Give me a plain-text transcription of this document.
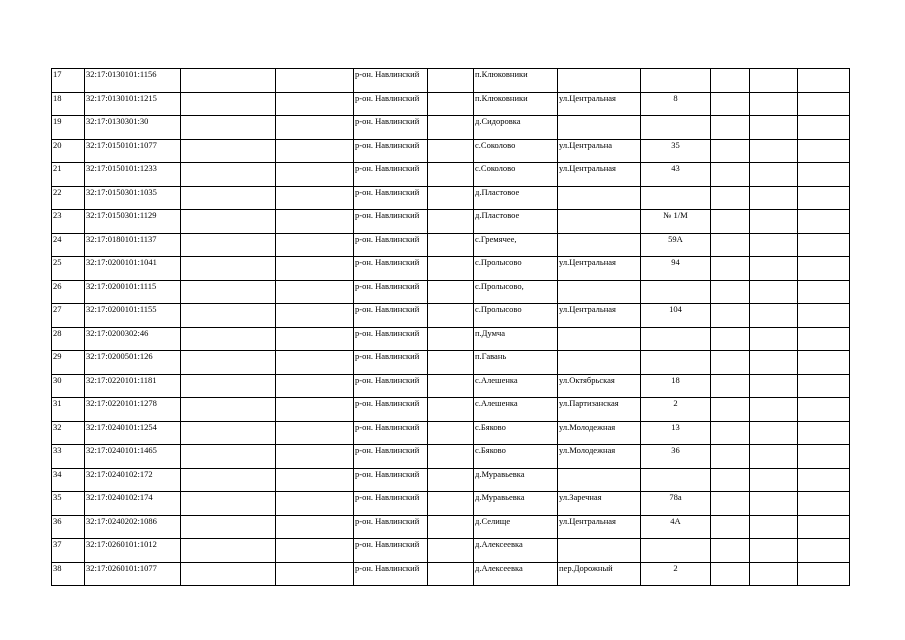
17	32:17:0130101:1156			р-он. Навлинский		п.Клюковники					
18	32:17:0130101:1215			р-он. Навлинский		п.Клюковники	ул.Центральная	8			
19	32:17:0130301:30			р-он. Навлинский		д.Сидоровка					
20	32:17:0150101:1077			р-он. Навлинский		с.Соколово	ул.Центральна	35			
21	32:17:0150101:1233			р-он. Навлинский		с.Соколово	ул.Центральная	43			
22	32:17:0150301:1035			р-он. Навлинский		д.Пластовое					
23	32:17:0150301:1129			р-он. Навлинский		д.Пластовое		№ 1/М			
24	32:17:0180101:1137			р-он. Навлинский		с.Гремячее,		59А			
25	32:17:0200101:1041			р-он. Навлинский		с.Пролысово	ул.Центральная	94			
26	32:17:0200101:1115			р-он. Навлинский		с.Пролысово,					
27	32:17:0200101:1155			р-он. Навлинский		с.Пролысово	ул.Центральная	104			
28	32:17:0200302:46			р-он. Навлинский		п.Думча					
29	32:17:0200501:126			р-он. Навлинский		п.Гавань					
30	32:17:0220101:1181			р-он. Навлинский		с.Алешенка	ул.Октябрьская	18			
31	32:17:0220101:1278			р-он. Навлинский		с.Алешенка	ул.Партизанская	2			
32	32:17:0240101:1254			р-он. Навлинский		с.Бяково	ул.Молодежная	13			
33	32:17:0240101:1465			р-он. Навлинский		с.Бяково	ул.Молодежная	36			
34	32:17:0240102:172			р-он. Навлинский		д.Муравьевка					
35	32:17:0240102:174			р-он. Навлинский		д.Муравьевка	ул.Заречная	78а			
36	32:17:0240202:1086			р-он. Навлинский		д.Селище	ул.Центральная	4А			
37	32:17:0260101:1012			р-он. Навлинский		д.Алексеевка					
38	32:17:0260101:1077			р-он. Навлинский		д.Алексеевка	пер.Дорожный	2			
